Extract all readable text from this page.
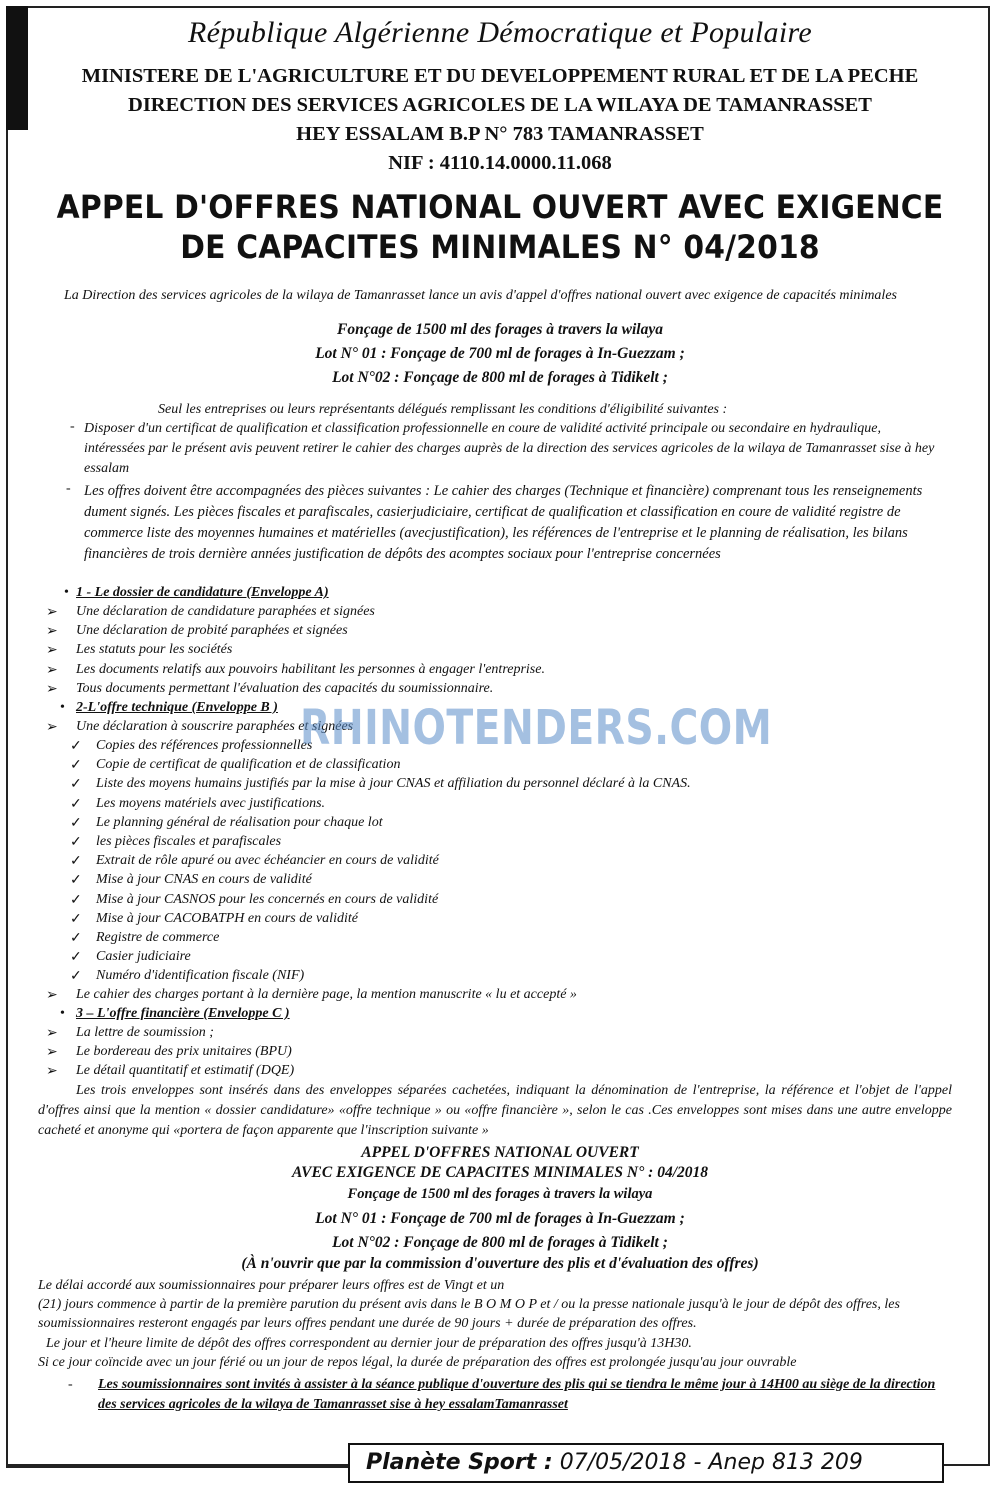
République Algérienne Démocratique et Populaire
MINISTERE DE L'AGRICULTURE ET DU DEVELOPPEMENT RURAL ET DE LA PECHE
DIRECTION DES SERVICES AGRICOLES DE LA WILAYA DE TAMANRASSET
HEY ESSALAM B.P N° 783 TAMANRASSET
NIF : 4110.14.0000.11.068
APPEL D'OFFRES NATIONAL OUVERT AVEC EXIGENCE
DE CAPACITES MINIMALES N° 04/2018
La Direction des services agricoles de la wilaya de Tamanrasset lance un avis d'appel d'offres national ouvert avec exigence de capacités minimales
Fonçage de 1500 ml des forages à travers la wilaya
Lot N° 01 : Fonçage de 700 ml de forages à In-Guezzam ;
Lot N°02 : Fonçage de 800 ml de forages à Tidikelt ;
Seul les entreprises ou leurs représentants délégués remplissant les conditions d'éligibilité suivantes :
- Disposer d'un certificat de qualification et classification professionnelle en coure de validité activité principale ou secondaire en hydraulique, intéressées par le présent avis peuvent retirer le cahier des charges auprès de la direction des services agricoles de la wilaya de Tamanrasset sise à hey essalam
- Les offres doivent être accompagnées des pièces suivantes : Le cahier des charges (Technique et financière) comprenant tous les renseignements dument signés. Les pièces fiscales et parafiscales, casierjudiciaire, certificat de qualification et classification en coure de validité registre de commerce liste des moyennes humaines et matérielles (avecjustification), les références de l'entreprise et le planning de réalisation, les bilans financières de trois dernière années justification de dépôts des acomptes sociaux pour l'entreprise concernées
• 1 - Le dossier de candidature (Enveloppe A)
➢ Une déclaration de candidature paraphées et signées
➢ Une déclaration de probité paraphées et signées
➢ Les statuts pour les sociétés
➢ Les documents relatifs aux pouvoirs habilitant les personnes à engager l'entreprise.
➢ Tous documents permettant l'évaluation des capacités du soumissionnaire.
• 2-L'offre technique (Enveloppe B )
➢ Une déclaration à souscrire paraphées et signées
✓ Copies des références professionnelles
✓ Copie de certificat de qualification et de classification
✓ Liste des moyens humains justifiés par la mise à jour CNAS et affiliation du personnel déclaré à la CNAS.
✓ Les moyens matériels avec justifications.
✓ Le planning général de réalisation pour chaque lot
✓ les pièces fiscales et parafiscales
✓ Extrait de rôle apuré ou avec échéancier en cours de validité
✓ Mise à jour CNAS en cours de validité
✓ Mise à jour CASNOS pour les concernés en cours de validité
✓ Mise à jour CACOBATPH en cours de validité
✓ Registre de commerce
✓ Casier judiciaire
✓ Numéro d'identification fiscale (NIF)
➢ Le cahier des charges portant à la dernière page, la mention manuscrite « lu et accepté »
• 3 – L'offre financière (Enveloppe C )
➢ La lettre de soumission ;
➢ Le bordereau des prix unitaires (BPU)
➢ Le détail quantitatif et estimatif (DQE)
Les trois enveloppes sont insérés dans des enveloppes séparées cachetées, indiquant la dénomination de l'entreprise, la référence et l'objet de l'appel d'offres ainsi que la mention « dossier candidature» «offre technique » ou «offre financière », selon le cas .Ces enveloppes sont mises dans une autre enveloppe cacheté et anonyme qui «portera de façon apparente que l'inscription suivante »
APPEL D'OFFRES NATIONAL OUVERT
AVEC EXIGENCE DE CAPACITES MINIMALES N° : 04/2018
Fonçage de 1500 ml des forages à travers la wilaya
Lot N° 01 : Fonçage de 700 ml de forages à In-Guezzam ;
Lot N°02 : Fonçage de 800 ml de forages à Tidikelt ;
(À n'ouvrir que par la commission d'ouverture des plis et d'évaluation des offres)
Le délai accordé aux soumissionnaires pour préparer leurs offres est de Vingt et un
(21) jours commence à partir de la première parution du présent avis dans le B O M O P et / ou la presse nationale jusqu'à le jour de dépôt des offres, les soumissionnaires resteront engagés par leurs offres pendant une durée de 90 jours + durée de préparation des offres.
Le jour et l'heure limite de dépôt des offres correspondent au dernier jour de préparation des offres jusqu'à 13H30.
Si ce jour coïncide avec un jour férié ou un jour de repos légal, la durée de préparation des offres est prolongée jusqu'au jour ouvrable
- Les soumissionnaires sont invités à assister à la séance publique d'ouverture des plis qui se tiendra le même jour à 14H00 au siège de la direction des services agricoles de la wilaya de Tamanrasset sise à hey essalamTamanrasset
RHINOTENDERS.COM
Planète Sport : 07/05/2018 - Anep 813 209
